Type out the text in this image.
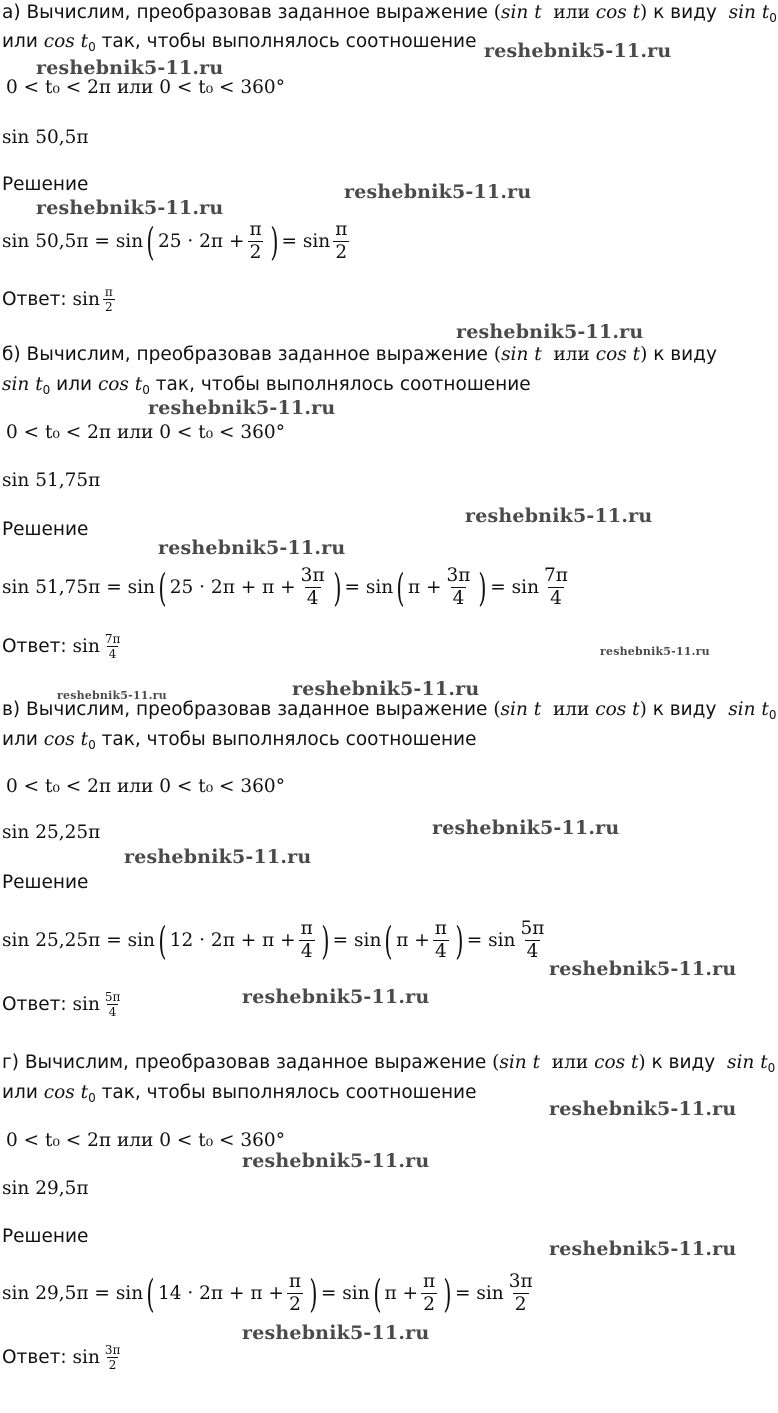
а) Вычислим, преобразовав заданное выражение (sin t или cos t) к виду $\sin t_0$
или $\cos t_0$ так, чтобы выполнялось соотношение
0 < t₀ < 2π или 0 < t₀ < 360°
sin 50,5π
Решение
sin 50,5π = sin ( $25 \cdot 2\pi + \frac{\pi}{2}$ ) = $\sin \frac{\pi}{2}$
Ответ:
$\sin \frac{\pi}{2}$
б) Вычислим, преобразовав заданное выражение (sin t или cos t) к виду
$\sin t_0$ или $\cos t_0$ так, чтобы выполнялось соотношение
0 < t₀ < 2π или 0 < t₀ < 360°
sin 51,75π
Решение
sin 51,75π = sin ( $25 \cdot 2\pi + \pi + \frac{3\pi}{4}$ ) = sin ( $\pi + \frac{3\pi}{4}$ ) = $\sin \frac{7\pi}{4}$
Ответ:
$\sin \frac{7\pi}{4}$
в) Вычислим, преобразовав заданное выражение (sin t или cos t) к виду $\sin t_0$
или $\cos t_0$ так, чтобы выполнялось соотношение
0 < t₀ < 2π или 0 < t₀ < 360°
sin 25,25π
Решение
sin 25,25π = sin ( $12 \cdot 2\pi + \pi + \frac{\pi}{4}$ ) = sin ( $\pi + \frac{\pi}{4}$ ) = $\sin \frac{5\pi}{4}$
Ответ:
$\sin \frac{5\pi}{4}$
г) Вычислим, преобразовав заданное выражение (sin t или cos t) к виду $\sin t_0$
или $\cos t_0$ так, чтобы выполнялось соотношение
0 < t₀ < 2π или 0 < t₀ < 360°
sin 29,5π
Решение
sin 29,5π = sin ( $14 \cdot 2\pi + \pi + \frac{\pi}{2}$ ) = sin ( $\pi + \frac{\pi}{2}$ ) = $\sin \frac{3\pi}{2}$
Ответ:
$\sin \frac{3\pi}{2}$
reshebnik5-11.ru
reshebnik5-11.ru
reshebnik5-11.ru
reshebnik5-11.ru
reshebnik5-11.ru
reshebnik5-11.ru
reshebnik5-11.ru
reshebnik5-11.ru
reshebnik5-11.ru
reshebnik5-11.ru	reshebnik5-11.ru
reshebnik5-11.ru
reshebnik5-11.ru
reshebnik5-11.ru
reshebnik5-11.ru
reshebnik5-11.ru
reshebnik5-11.ru
reshebnik5-11.ru
reshebnik5-11.ru
